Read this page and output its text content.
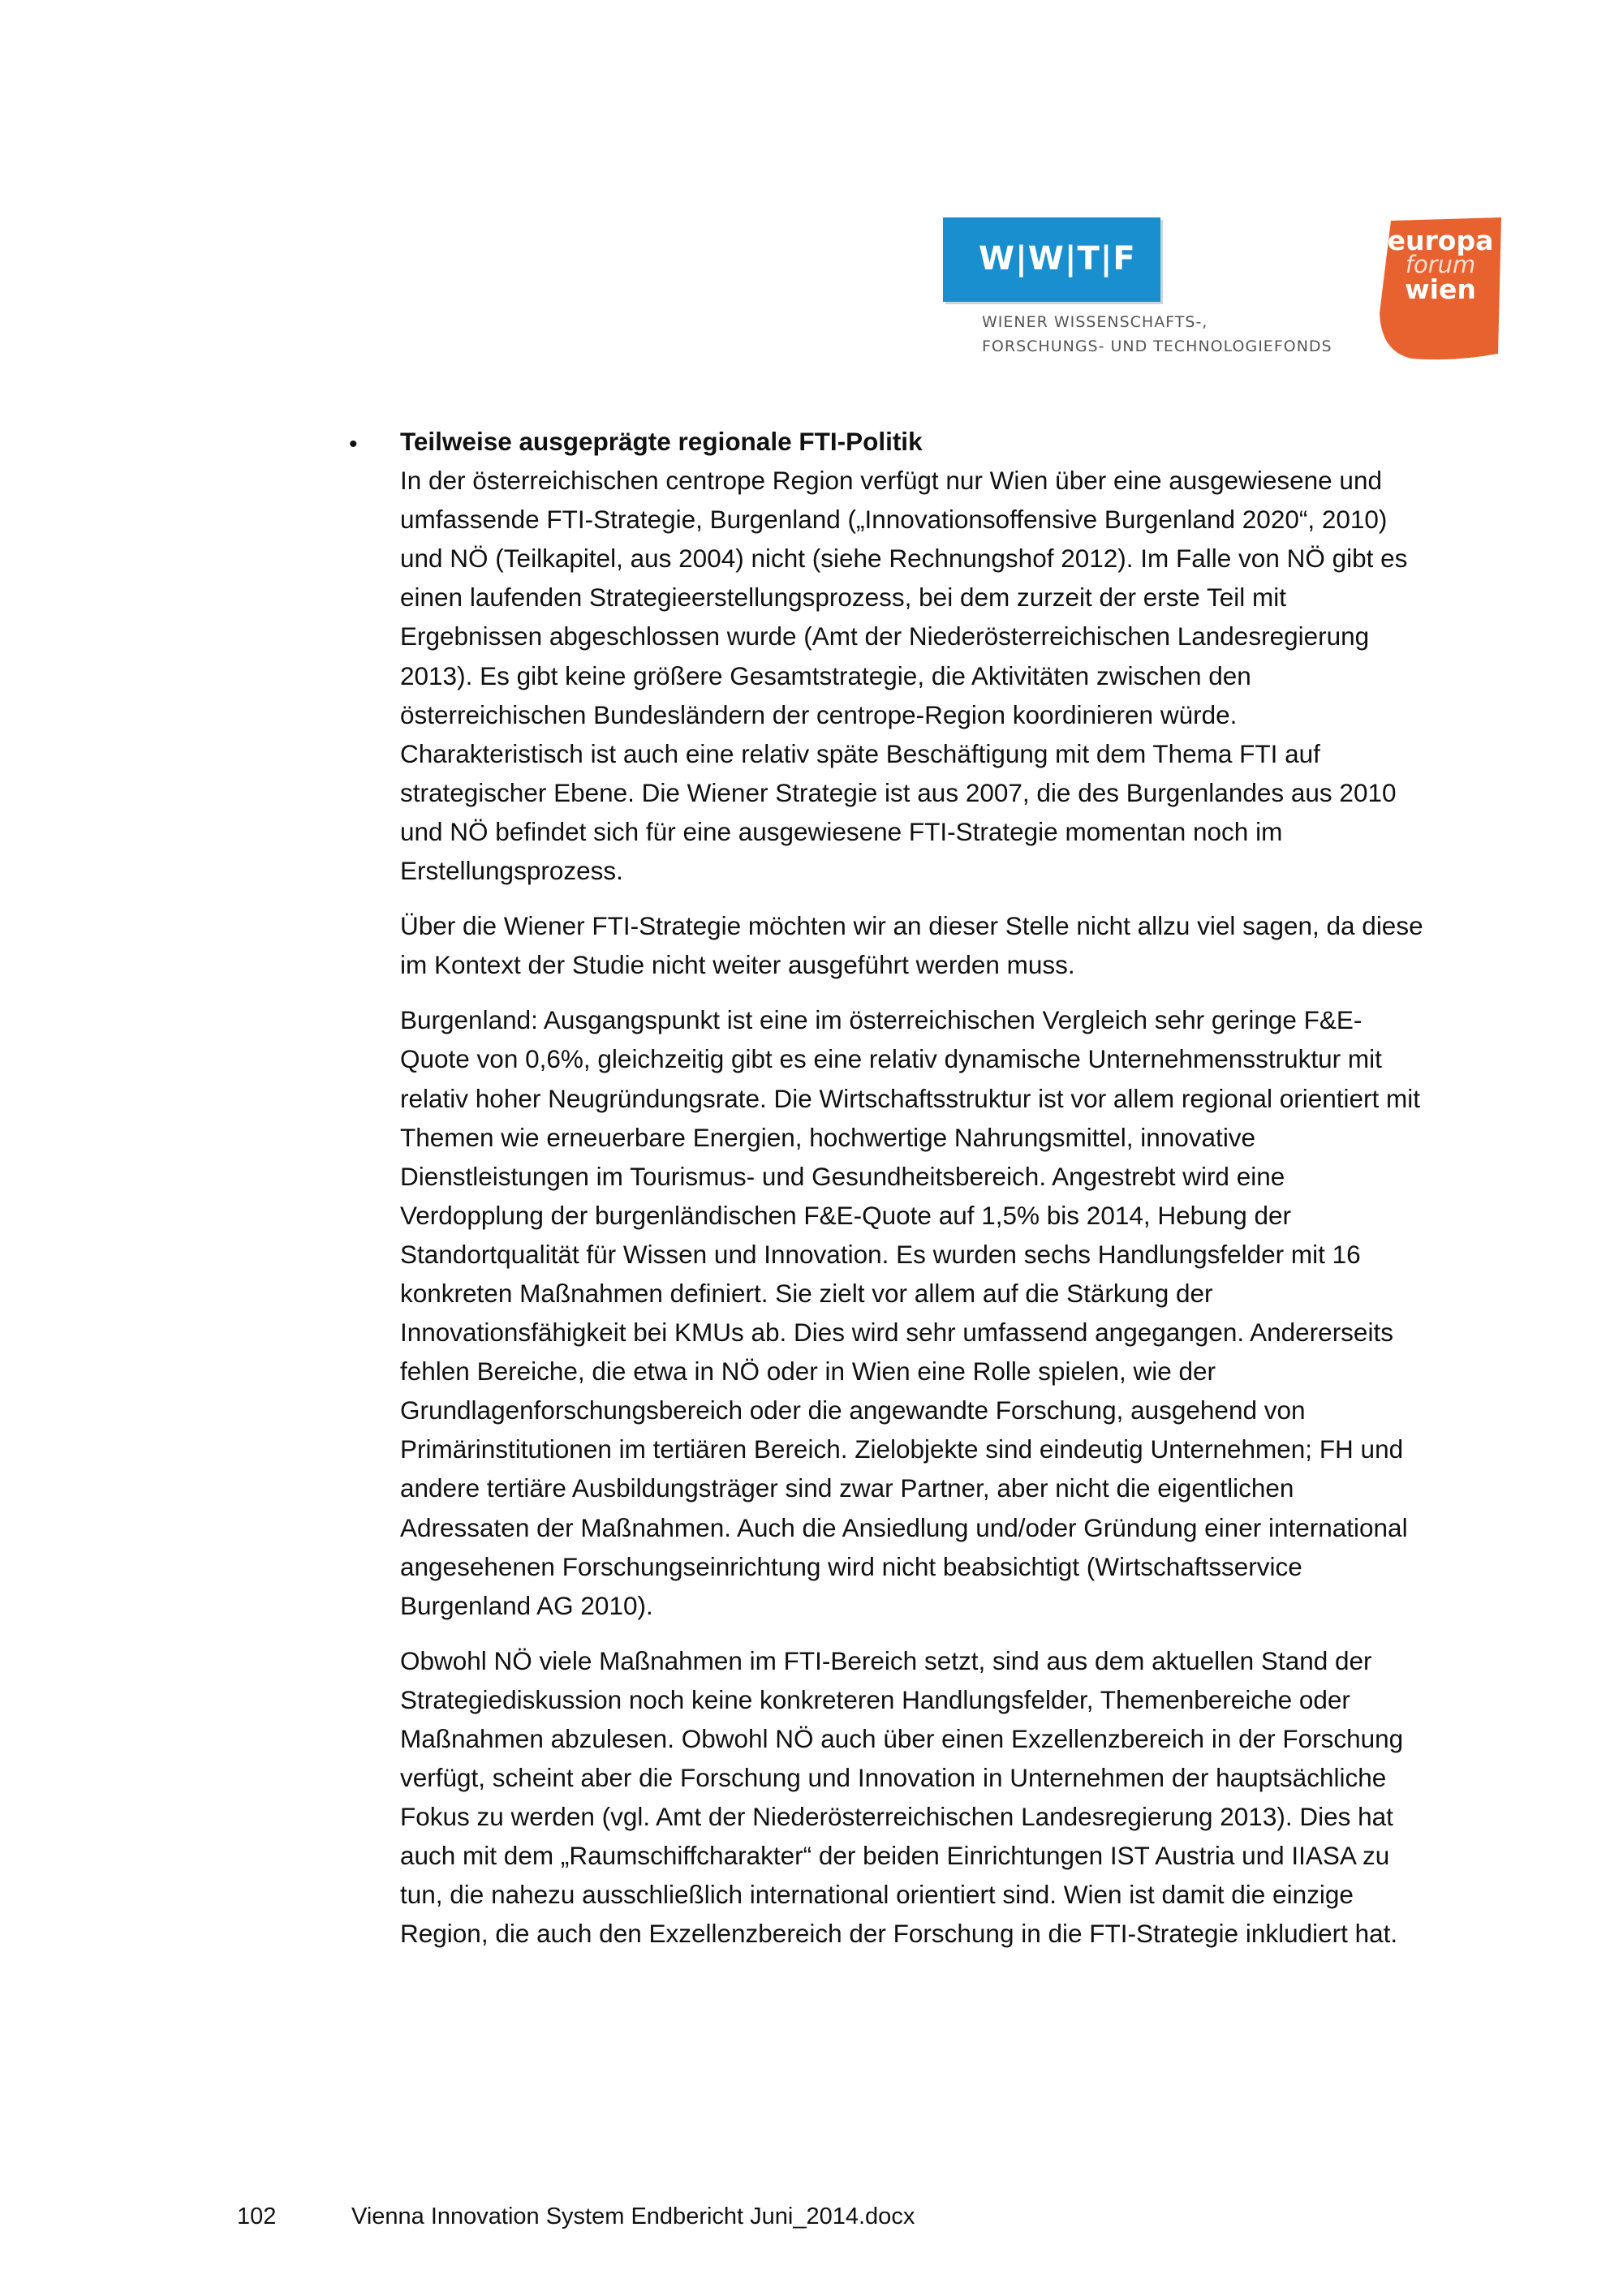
W|W|T|F
WIENER WISSENSCHAFTS-,
FORSCHUNGS- UND TECHNOLOGIEFONDS
europa
forum
wien
• Teilweise ausgeprägte regionale FTI-Politik
In der österreichischen centrope Region verfügt nur Wien über eine ausgewiesene und
umfassende FTI-Strategie, Burgenland („Innovationsoffensive Burgenland 2020“, 2010)
und NÖ (Teilkapitel, aus 2004) nicht (siehe Rechnungshof 2012). Im Falle von NÖ gibt es
einen laufenden Strategieerstellungsprozess, bei dem zurzeit der erste Teil mit
Ergebnissen abgeschlossen wurde (Amt der Niederösterreichischen Landesregierung
2013). Es gibt keine größere Gesamtstrategie, die Aktivitäten zwischen den
österreichischen Bundesländern der centrope-Region koordinieren würde.
Charakteristisch ist auch eine relativ späte Beschäftigung mit dem Thema FTI auf
strategischer Ebene. Die Wiener Strategie ist aus 2007, die des Burgenlandes aus 2010
und NÖ befindet sich für eine ausgewiesene FTI-Strategie momentan noch im
Erstellungsprozess.
Über die Wiener FTI-Strategie möchten wir an dieser Stelle nicht allzu viel sagen, da diese
im Kontext der Studie nicht weiter ausgeführt werden muss.
Burgenland: Ausgangspunkt ist eine im österreichischen Vergleich sehr geringe F&E-
Quote von 0,6%, gleichzeitig gibt es eine relativ dynamische Unternehmensstruktur mit
relativ hoher Neugründungsrate. Die Wirtschaftsstruktur ist vor allem regional orientiert mit
Themen wie erneuerbare Energien, hochwertige Nahrungsmittel, innovative
Dienstleistungen im Tourismus- und Gesundheitsbereich. Angestrebt wird eine
Verdopplung der burgenländischen F&E-Quote auf 1,5% bis 2014, Hebung der
Standortqualität für Wissen und Innovation. Es wurden sechs Handlungsfelder mit 16
konkreten Maßnahmen definiert. Sie zielt vor allem auf die Stärkung der
Innovationsfähigkeit bei KMUs ab. Dies wird sehr umfassend angegangen. Andererseits
fehlen Bereiche, die etwa in NÖ oder in Wien eine Rolle spielen, wie der
Grundlagenforschungsbereich oder die angewandte Forschung, ausgehend von
Primärinstitutionen im tertiären Bereich. Zielobjekte sind eindeutig Unternehmen; FH und
andere tertiäre Ausbildungsträger sind zwar Partner, aber nicht die eigentlichen
Adressaten der Maßnahmen. Auch die Ansiedlung und/oder Gründung einer international
angesehenen Forschungseinrichtung wird nicht beabsichtigt (Wirtschaftsservice
Burgenland AG 2010).
Obwohl NÖ viele Maßnahmen im FTI-Bereich setzt, sind aus dem aktuellen Stand der
Strategiediskussion noch keine konkreteren Handlungsfelder, Themenbereiche oder
Maßnahmen abzulesen. Obwohl NÖ auch über einen Exzellenzbereich in der Forschung
verfügt, scheint aber die Forschung und Innovation in Unternehmen der hauptsächliche
Fokus zu werden (vgl. Amt der Niederösterreichischen Landesregierung 2013). Dies hat
auch mit dem „Raumschiffcharakter“ der beiden Einrichtungen IST Austria und IIASA zu
tun, die nahezu ausschließlich international orientiert sind. Wien ist damit die einzige
Region, die auch den Exzellenzbereich der Forschung in die FTI-Strategie inkludiert hat.
102	Vienna Innovation System Endbericht Juni_2014.docx
